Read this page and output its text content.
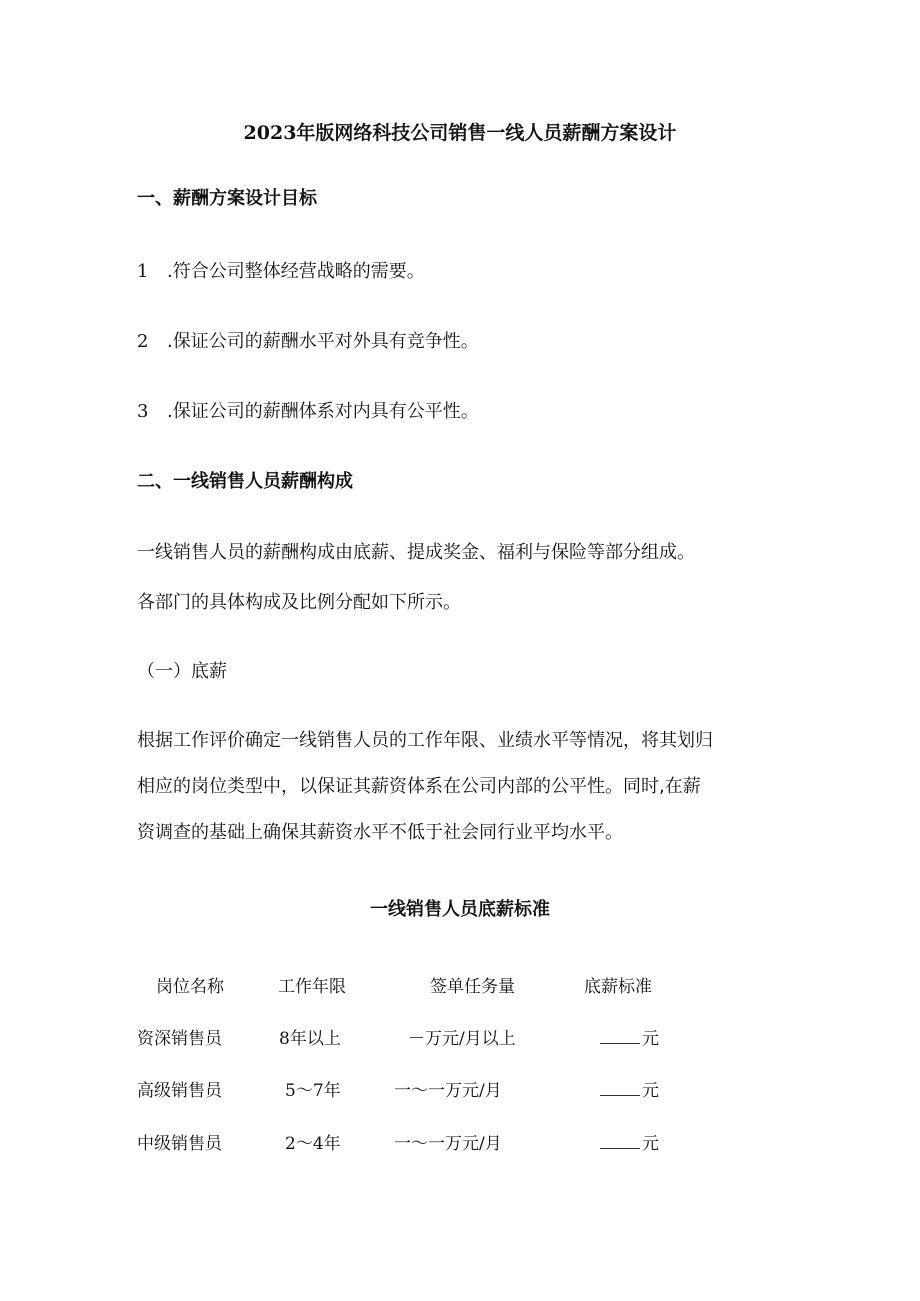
2023年版网络科技公司销售一线人员薪酬方案设计
一、薪酬方案设计目标
1 .符合公司整体经营战略的需要。
2 .保证公司的薪酬水平对外具有竞争性。
3 .保证公司的薪酬体系对内具有公平性。
二、一线销售人员薪酬构成
一线销售人员的薪酬构成由底薪、提成奖金、福利与保险等部分组成。
各部门的具体构成及比例分配如下所示。
（一）底薪
根据工作评价确定一线销售人员的工作年限、业绩水平等情况，将其划归
相应的岗位类型中，以保证其薪资体系在公司内部的公平性。同时,在薪
资调查的基础上确保其薪资水平不低于社会同行业平均水平。
一线销售人员底薪标准
岗位名称	工作年限	签单任务量	底薪标准
资深销售员	8年以上	－万元/月以上	元
高级销售员	5～7年	一～一万元/月	元
中级销售员	2～4年	一～一万元/月	元
